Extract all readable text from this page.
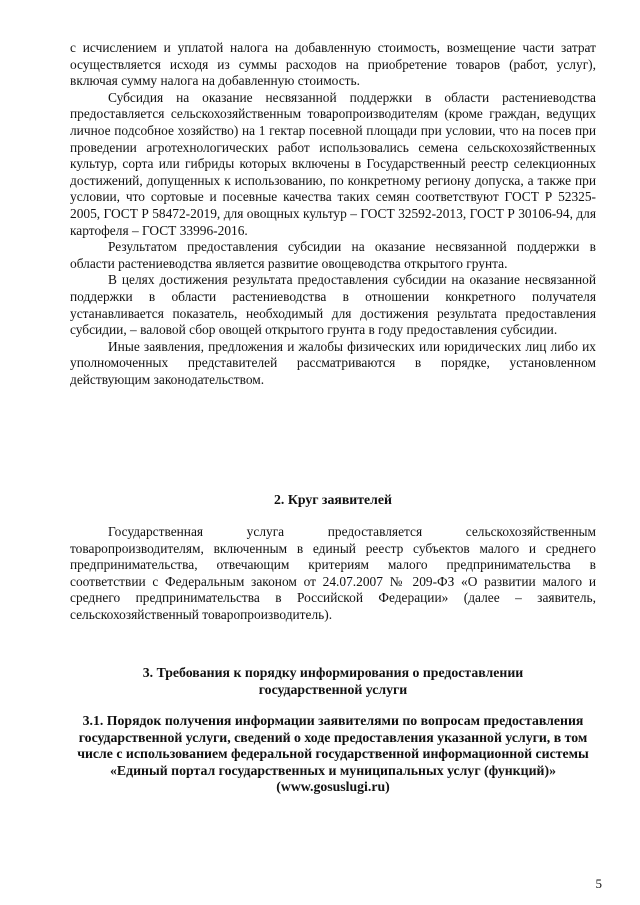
с исчислением и уплатой налога на добавленную стоимость, возмещение части затрат осуществляется исходя из суммы расходов на приобретение товаров (работ, услуг), включая сумму налога на добавленную стоимость.

Субсидия на оказание несвязанной поддержки в области растениеводства предоставляется сельскохозяйственным товаропроизводителям (кроме граждан, ведущих личное подсобное хозяйство) на 1 гектар посевной площади при условии, что на посев при проведении агротехнологических работ использовались семена сельскохозяйственных культур, сорта или гибриды которых включены в Государственный реестр селекционных достижений, допущенных к использованию, по конкретному региону допуска, а также при условии, что сортовые и посевные качества таких семян соответствуют ГОСТ Р 52325-2005, ГОСТ Р 58472-2019, для овощных культур – ГОСТ 32592-2013, ГОСТ Р 30106-94, для картофеля – ГОСТ 33996-2016.

Результатом предоставления субсидии на оказание несвязанной поддержки в области растениеводства является развитие овощеводства открытого грунта.

В целях достижения результата предоставления субсидии на оказание несвязанной поддержки в области растениеводства в отношении конкретного получателя устанавливается показатель, необходимый для достижения результата предоставления субсидии, – валовой сбор овощей открытого грунта в году предоставления субсидии.

Иные заявления, предложения и жалобы физических или юридических лиц либо их уполномоченных представителей рассматриваются в порядке, установленном действующим законодательством.

2. Круг заявителей

Государственная услуга предоставляется сельскохозяйственным товаропроизводителям, включенным в единый реестр субъектов малого и среднего предпринимательства, отвечающим критериям малого предпринимательства в соответствии с Федеральным законом от 24.07.2007 № 209-ФЗ «О развитии малого и среднего предпринимательства в Российской Федерации» (далее – заявитель, сельскохозяйственный товаропроизводитель).

3. Требования к порядку информирования о предоставлении государственной услуги
3.1. Порядок получения информации заявителями по вопросам предоставления государственной услуги, сведений о ходе предоставления указанной услуги, в том числе с использованием федеральной государственной информационной системы «Единый портал государственных и муниципальных услуг (функций)» (www.gosuslugi.ru)
5
